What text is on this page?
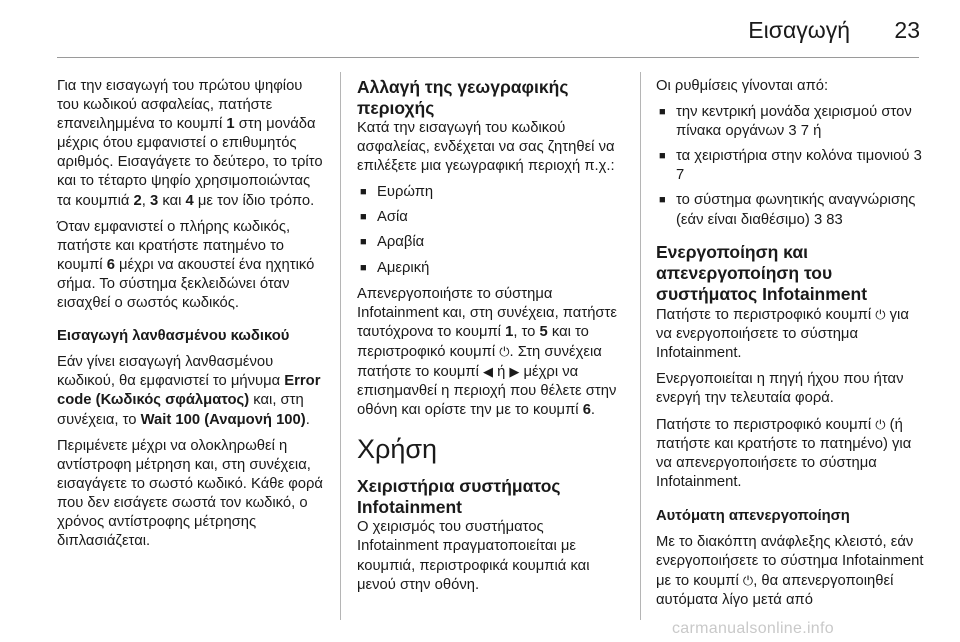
Εισαγωγή 23

Για την εισαγωγή του πρώτου ψηφίου του κωδικού ασφαλείας, πατήστε επανειλημμένα το κουμπί 1 στη μονάδα μέχρις ότου εμφανιστεί ο επιθυμητός αριθμός. Εισαγάγετε το δεύτερο, το τρίτο και το τέταρτο ψηφίο χρησιμοποιώντας τα κουμπιά 2, 3 και 4 με τον ίδιο τρόπο.

Όταν εμφανιστεί ο πλήρης κωδικός, πατήστε και κρατήστε πατημένο το κουμπί 6 μέχρι να ακουστεί ένα ηχητικό σήμα. Το σύστημα ξεκλειδώνει όταν εισαχθεί ο σωστός κωδικός.

Εισαγωγή λανθασμένου κωδικού

Εάν γίνει εισαγωγή λανθασμένου κωδικού, θα εμφανιστεί το μήνυμα Error code (Κωδικός σφάλματος) και, στη συνέχεια, το Wait 100 (Αναμονή 100).

Περιμένετε μέχρι να ολοκληρωθεί η αντίστροφη μέτρηση και, στη συνέχεια, εισαγάγετε το σωστό κωδικό. Κάθε φορά που δεν εισάγετε σωστά τον κωδικό, ο χρόνος αντίστροφης μέτρησης διπλασιάζεται.

Αλλαγή της γεωγραφικής περιοχής

Κατά την εισαγωγή του κωδικού ασφαλείας, ενδέχεται να σας ζητηθεί να επιλέξετε μια γεωγραφική περιοχή π.χ.:

■ Ευρώπη
■ Ασία
■ Αραβία
■ Αμερική

Απενεργοποιήστε το σύστημα Infotainment και, στη συνέχεια, πατήστε ταυτόχρονα το κουμπί 1, το 5 και το περιστροφικό κουμπί ⏻. Στη συνέχεια πατήστε το κουμπί ◀ ή ▶ μέχρι να επισημανθεί η περιοχή που θέλετε στην οθόνη και ορίστε την με το κουμπί 6.

Χρήση
Χειριστήρια συστήματος Infotainment

Ο χειρισμός του συστήματος Infotainment πραγματοποιείται με κουμπιά, περιστροφικά κουμπιά και μενού στην οθόνη.

Οι ρυθμίσεις γίνονται από:

■ την κεντρική μονάδα χειρισμού στον πίνακα οργάνων 3 7 ή
■ τα χειριστήρια στην κολόνα τιμονιού 3 7
■ το σύστημα φωνητικής αναγνώρισης (εάν είναι διαθέσιμο) 3 83
Ενεργοποίηση και απενεργοποίηση του συστήματος Infotainment

Πατήστε το περιστροφικό κουμπί ⏻ για να ενεργοποιήσετε το σύστημα Infotainment.

Ενεργοποιείται η πηγή ήχου που ήταν ενεργή την τελευταία φορά.

Πατήστε το περιστροφικό κουμπί ⏻ (ή πατήστε και κρατήστε το πατημένο) για να απενεργοποιήσετε το σύστημα Infotainment.

Αυτόματη απενεργοποίηση

Με το διακόπτη ανάφλεξης κλειστό, εάν ενεργοποιήσετε το σύστημα Infotainment με το κουμπί ⏻, θα απενεργοποιηθεί αυτόματα λίγο μετά από

carmanualsonline.info
